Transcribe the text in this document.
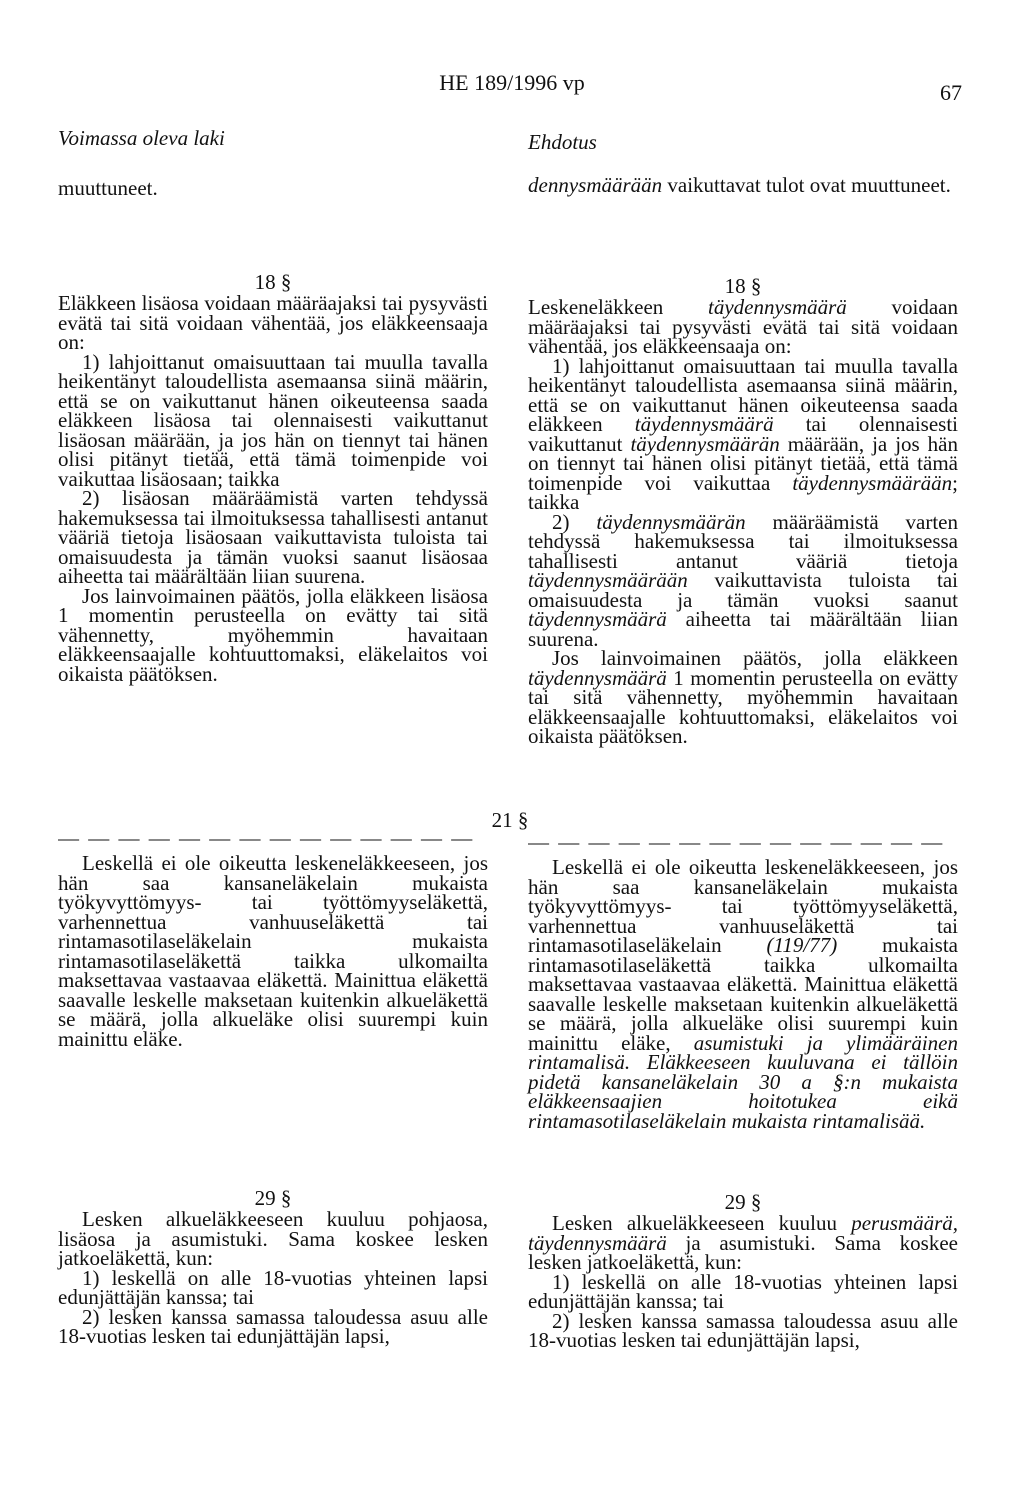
HE 189/1996 vp	67
Voimassa oleva laki	Ehdotus
muuttuneet.	dennysmäärään vaikuttavat tulot ovat muuttuneet.
18 §	18 §

Eläkkeen lisäosa voidaan määräajaksi tai pysyvästi evätä tai sitä voidaan vähentää, jos eläkkeensaaja on:

1) lahjoittanut omaisuuttaan tai muulla tavalla heikentänyt taloudellista asemaansa siinä määrin, että se on vaikuttanut hänen oikeuteensa saada eläkkeen lisäosa tai olennaisesti vaikuttanut lisäosan määrään, ja jos hän on tiennyt tai hänen olisi pitänyt tietää, että tämä toimenpide voi vaikuttaa lisäosaan; taikka

2) lisäosan määräämistä varten tehdyssä hakemuksessa tai ilmoituksessa tahallisesti antanut vääriä tietoja lisäosaan vaikuttavista tuloista tai omaisuudesta ja tämän vuoksi saanut lisäosaa aiheetta tai määrältään liian suurena.

Jos lainvoimainen päätös, jolla eläkkeen lisäosa 1 momentin perusteella on evätty tai sitä vähennetty, myöhemmin havaitaan eläkkeensaajalle kohtuuttomaksi, eläkelaitos voi oikaista päätöksen.

Leskeneläkkeen täydennysmäärä voidaan määräajaksi tai pysyvästi evätä tai sitä voidaan vähentää, jos eläkkeensaaja on:

1) lahjoittanut omaisuuttaan tai muulla tavalla heikentänyt taloudellista asemaansa siinä määrin, että se on vaikuttanut hänen oikeuteensa saada eläkkeen täydennysmäärä tai olennaisesti vaikuttanut täydennysmäärän määrään, ja jos hän on tiennyt tai hänen olisi pitänyt tietää, että tämä toimenpide voi vaikuttaa täydennysmäärään; taikka

2) täydennysmäärän määräämistä varten tehdyssä hakemuksessa tai ilmoituksessa tahallisesti antanut vääriä tietoja täydennysmäärään vaikuttavista tuloista tai omaisuudesta ja tämän vuoksi saanut täydennysmäärä aiheetta tai määrältään liian suurena.

Jos lainvoimainen päätös, jolla eläkkeen täydennysmäärä 1 momentin perusteella on evätty tai sitä vähennetty, myöhemmin havaitaan eläkkeensaajalle kohtuuttomaksi, eläkelaitos voi oikaista päätöksen.

21 §
— — — — — — — — — — — — — —	— — — — — — — — — — — — — —

Leskellä ei ole oikeutta leskeneläkkeeseen, jos hän saa kansaneläkelain mukaista työkyvyttömyys- tai työttömyyseläkettä, varhennettua vanhuuseläkettä tai rintamasotilaseläkelain mukaista rintamasotilaseläkettä taikka ulkomailta maksettavaa vastaavaa eläkettä. Mainittua eläkettä saavalle leskelle maksetaan kuitenkin alkueläkettä se määrä, jolla alkueläke olisi suurempi kuin mainittu eläke.

Leskellä ei ole oikeutta leskeneläkkeeseen, jos hän saa kansaneläkelain mukaista työkyvyttömyys- tai työttömyyseläkettä, varhennettua vanhuuseläkettä tai rintamasotilaseläkelain (119/77) mukaista rintamasotilaseläkettä taikka ulkomailta maksettavaa vastaavaa eläkettä. Mainittua eläkettä saavalle leskelle maksetaan kuitenkin alkueläkettä se määrä, jolla alkueläke olisi suurempi kuin mainittu eläke, asumistuki ja ylimääräinen rintamalisä. Eläkkeeseen kuuluvana ei tällöin pidetä kansaneläkelain 30 a §:n mukaista eläkkeensaajien hoitotukea eikä rintamasotilaseläkelain mukaista rintamalisää.

29 §	29 §

Lesken alkueläkkeeseen kuuluu pohjaosa, lisäosa ja asumistuki. Sama koskee lesken jatkoeläkettä, kun:

1) leskellä on alle 18-vuotias yhteinen lapsi edunjättäjän kanssa; tai

2) lesken kanssa samassa taloudessa asuu alle 18-vuotias lesken tai edunjättäjän lapsi,

Lesken alkueläkkeeseen kuuluu perusmäärä, täydennysmäärä ja asumistuki. Sama koskee lesken jatkoeläkettä, kun:

1) leskellä on alle 18-vuotias yhteinen lapsi edunjättäjän kanssa; tai

2) lesken kanssa samassa taloudessa asuu alle 18-vuotias lesken tai edunjättäjän lapsi,
